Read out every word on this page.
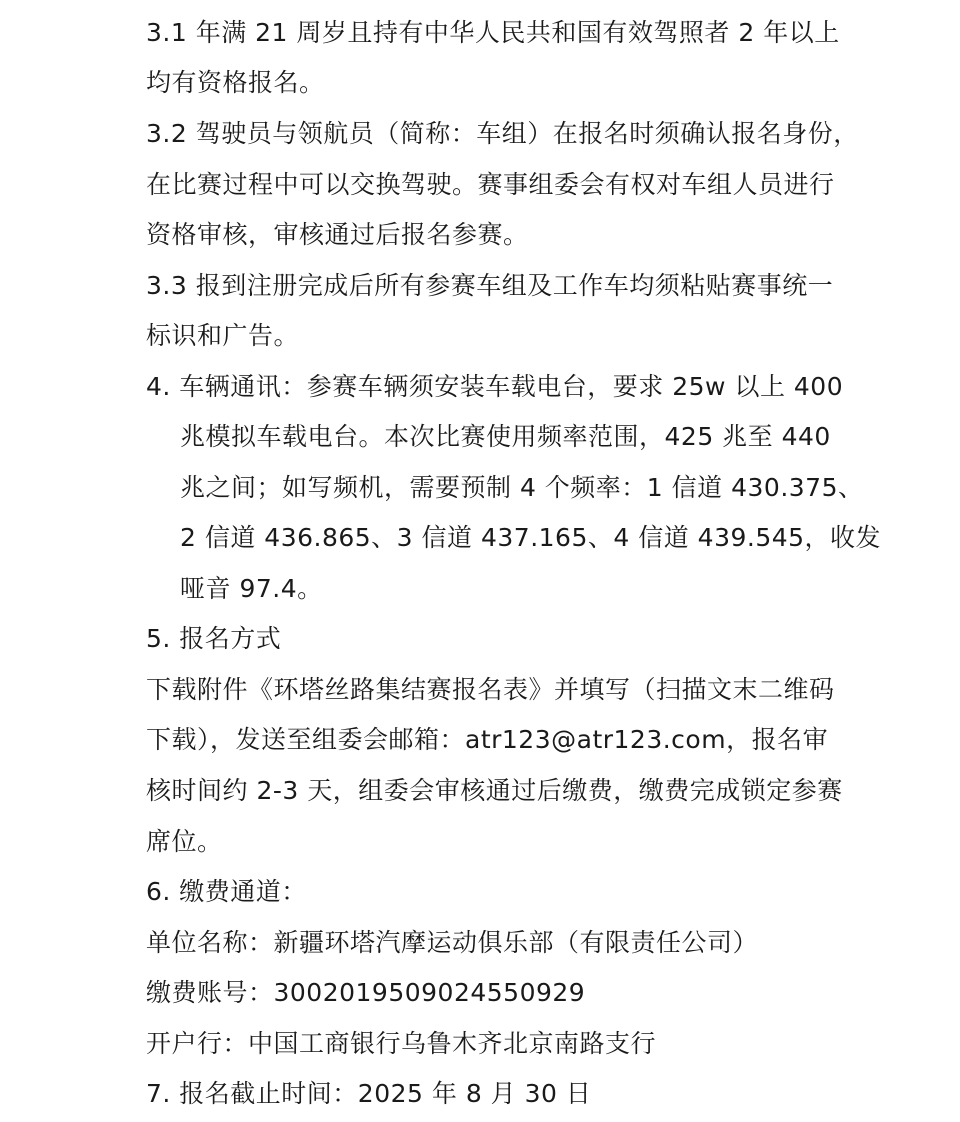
3.1 年满 21 周岁且持有中华人民共和国有效驾照者 2 年以上
均有资格报名。
3.2 驾驶员与领航员（简称：车组）在报名时须确认报名身份，
在比赛过程中可以交换驾驶。赛事组委会有权对车组人员进行
资格审核，审核通过后报名参赛。
3.3 报到注册完成后所有参赛车组及工作车均须粘贴赛事统一
标识和广告。
4. 车辆通讯：参赛车辆须安装车载电台，要求 25w 以上 400
兆模拟车载电台。本次比赛使用频率范围，425 兆至 440
兆之间；如写频机，需要预制 4 个频率：1 信道 430.375、
2 信道 436.865、3 信道 437.165、4 信道 439.545，收发
哑音 97.4。
5. 报名方式
下载附件《环塔丝路集结赛报名表》并填写（扫描文末二维码
下载），发送至组委会邮箱：atr123@atr123.com，报名审
核时间约 2-3 天，组委会审核通过后缴费，缴费完成锁定参赛
席位。
6. 缴费通道：
单位名称：新疆环塔汽摩运动俱乐部（有限责任公司）
缴费账号：3002019509024550929
开户行：中国工商银行乌鲁木齐北京南路支行
7. 报名截止时间：2025 年 8 月 30 日
